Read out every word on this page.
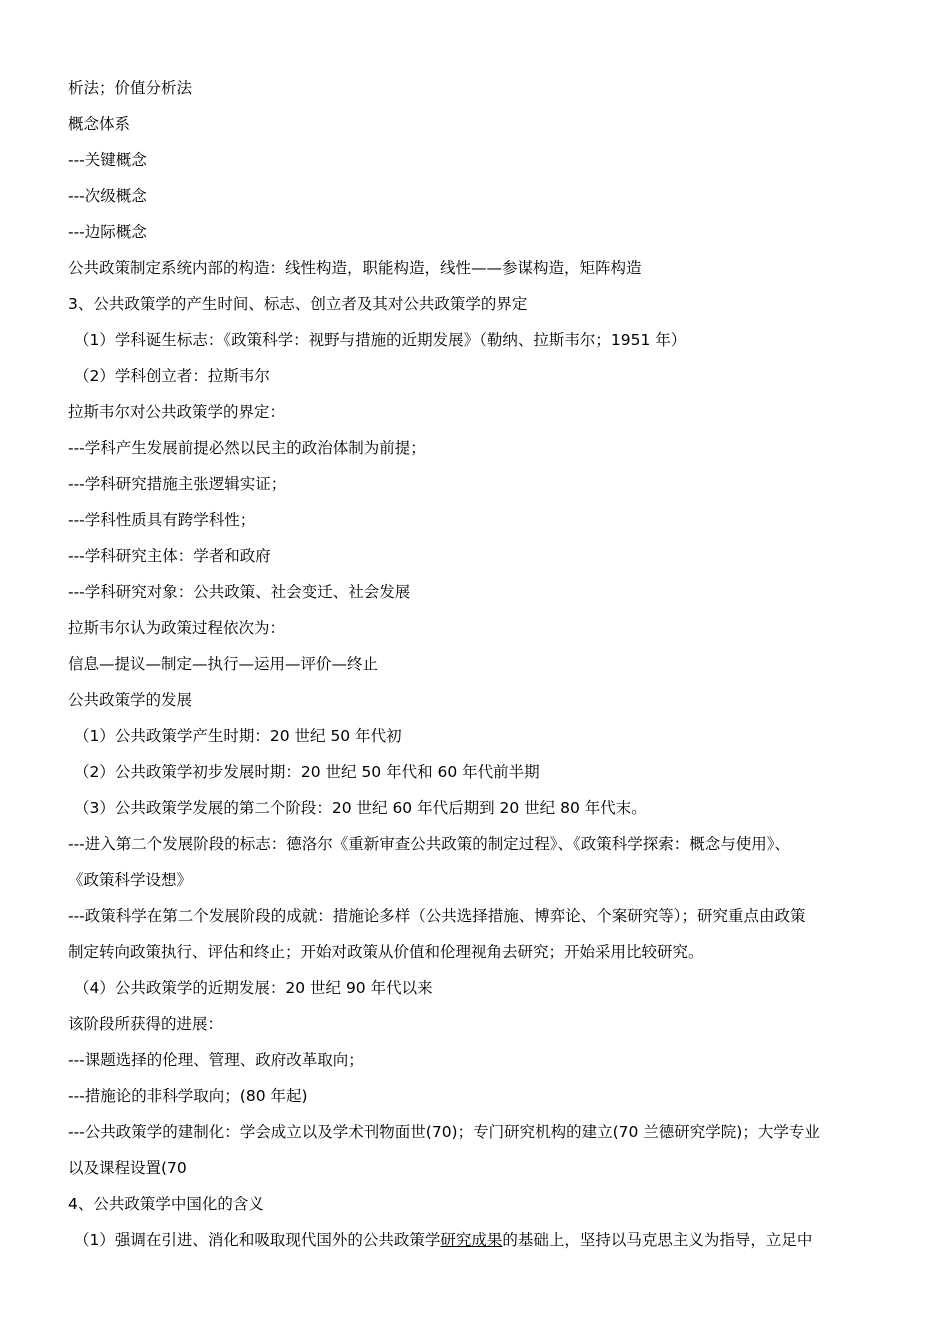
析法；价值分析法
概念体系
---关键概念
---次级概念
---边际概念
公共政策制定系统内部的构造：线性构造，职能构造，线性——参谋构造，矩阵构造
3、公共政策学的产生时间、标志、创立者及其对公共政策学的界定
（1）学科诞生标志：《政策科学：视野与措施的近期发展》（勒纳、拉斯韦尔；1951 年）
（2）学科创立者：拉斯韦尔
拉斯韦尔对公共政策学的界定：
---学科产生发展前提必然以民主的政治体制为前提；
---学科研究措施主张逻辑实证；
---学科性质具有跨学科性；
---学科研究主体：学者和政府
---学科研究对象：公共政策、社会变迁、社会发展
拉斯韦尔认为政策过程依次为：
信息—提议—制定—执行—运用—评价—终止
公共政策学的发展
（1）公共政策学产生时期：20 世纪 50 年代初
（2）公共政策学初步发展时期：20 世纪 50 年代和 60 年代前半期
（3）公共政策学发展的第二个阶段：20 世纪 60 年代后期到 20 世纪 80 年代末。
---进入第二个发展阶段的标志：德洛尔《重新审查公共政策的制定过程》、《政策科学探索：概念与使用》、
《政策科学设想》
---政策科学在第二个发展阶段的成就：措施论多样（公共选择措施、博弈论、个案研究等）；研究重点由政策
制定转向政策执行、评估和终止；开始对政策从价值和伦理视角去研究；开始采用比较研究。
（4）公共政策学的近期发展：20 世纪 90 年代以来
该阶段所获得的进展：
---课题选择的伦理、管理、政府改革取向；
---措施论的非科学取向；(80 年起)
---公共政策学的建制化：学会成立以及学术刊物面世(70)；专门研究机构的建立(70 兰德研究学院)；大学专业
以及课程设置(70
4、公共政策学中国化的含义
（1）强调在引进、消化和吸取现代国外的公共政策学研究成果的基础上，坚持以马克思主义为指导，立足中
